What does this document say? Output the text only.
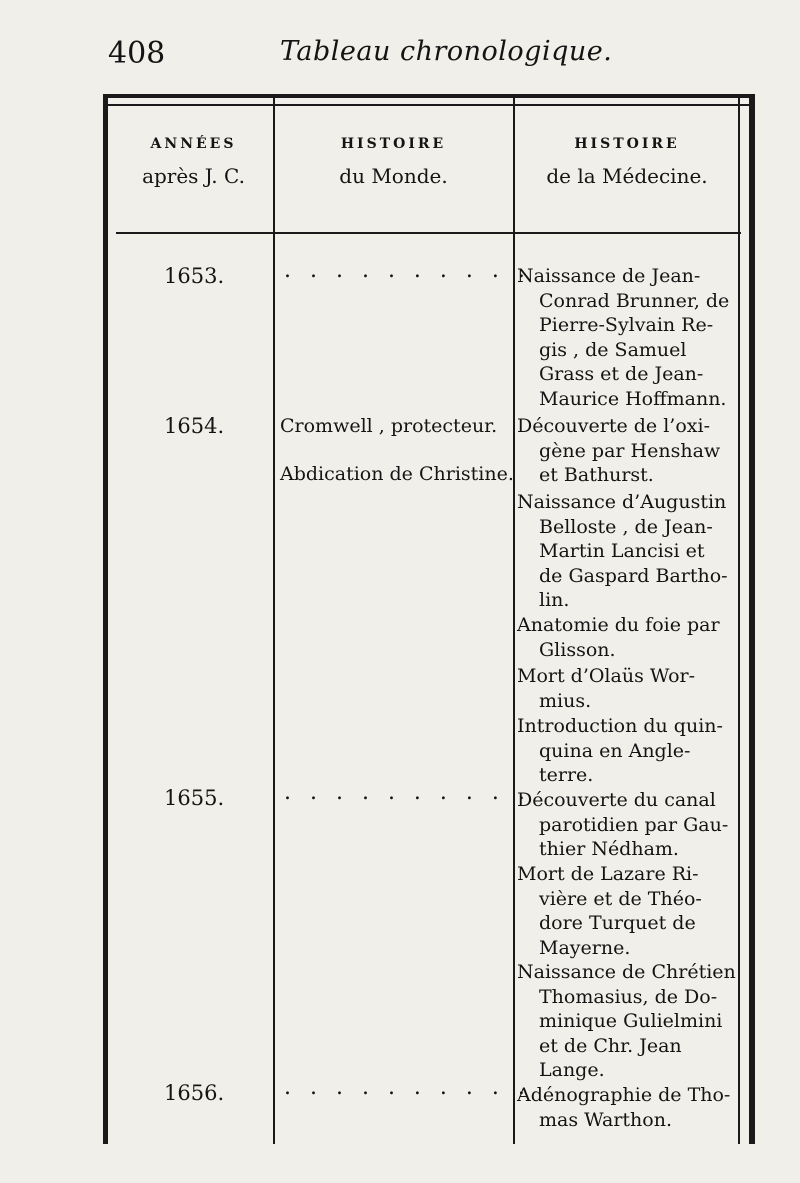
408	Tableau chronologique.
ANNÉES
après J. C.
HISTOIRE
du Monde.
HISTOIRE
de la Médecine.
1653.
1654.
1655.
1656.
. . . . . . . . . .
. . . . . . . . . .
. . . . . . . . . .
Cromwell , protecteur.
Abdication de Christine.
Naissance de Jean-
Conrad Brunner, de
Pierre-Sylvain Re-
gis , de Samuel
Grass et de Jean-
Maurice Hoffmann.
Découverte de l’oxi-
gène par Henshaw
et Bathurst.
Naissance d’Augustin
Belloste , de Jean-
Martin Lancisi et
de Gaspard Bartho-
lin.
Anatomie du foie par
Glisson.
Mort d’Olaüs Wor-
mius.
Introduction du quin-
quina en Angle-
terre.
Découverte du canal
parotidien par Gau-
thier Nédham.
Mort de Lazare Ri-
vière et de Théo-
dore Turquet de
Mayerne.
Naissance de Chrétien
Thomasius, de Do-
minique Gulielmini
et de Chr. Jean
Lange.
Adénographie de Tho-
mas Warthon.
